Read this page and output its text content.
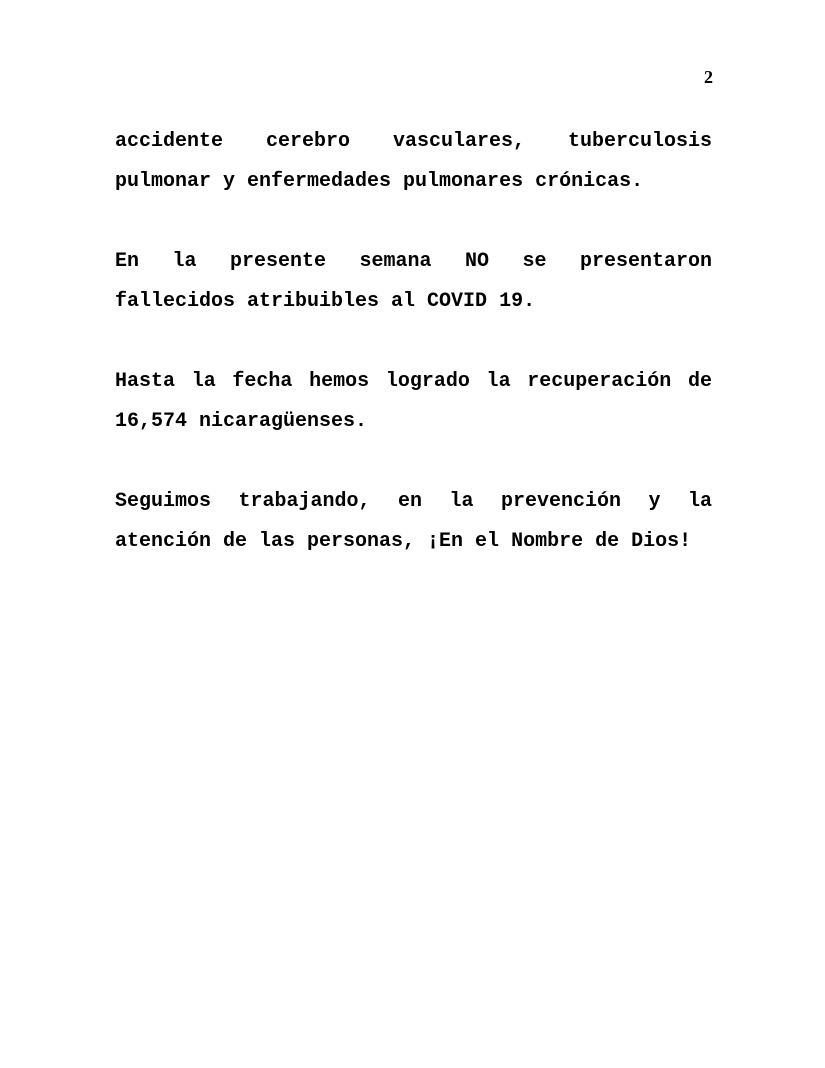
2

accidente cerebro vasculares, tuberculosis pulmonar y enfermedades pulmonares crónicas.

En la presente semana NO se presentaron fallecidos atribuibles al COVID 19.

Hasta la fecha hemos logrado la recuperación de 16,574 nicaragüenses.

Seguimos trabajando, en la prevención y la atención de las personas, ¡En el Nombre de Dios!
